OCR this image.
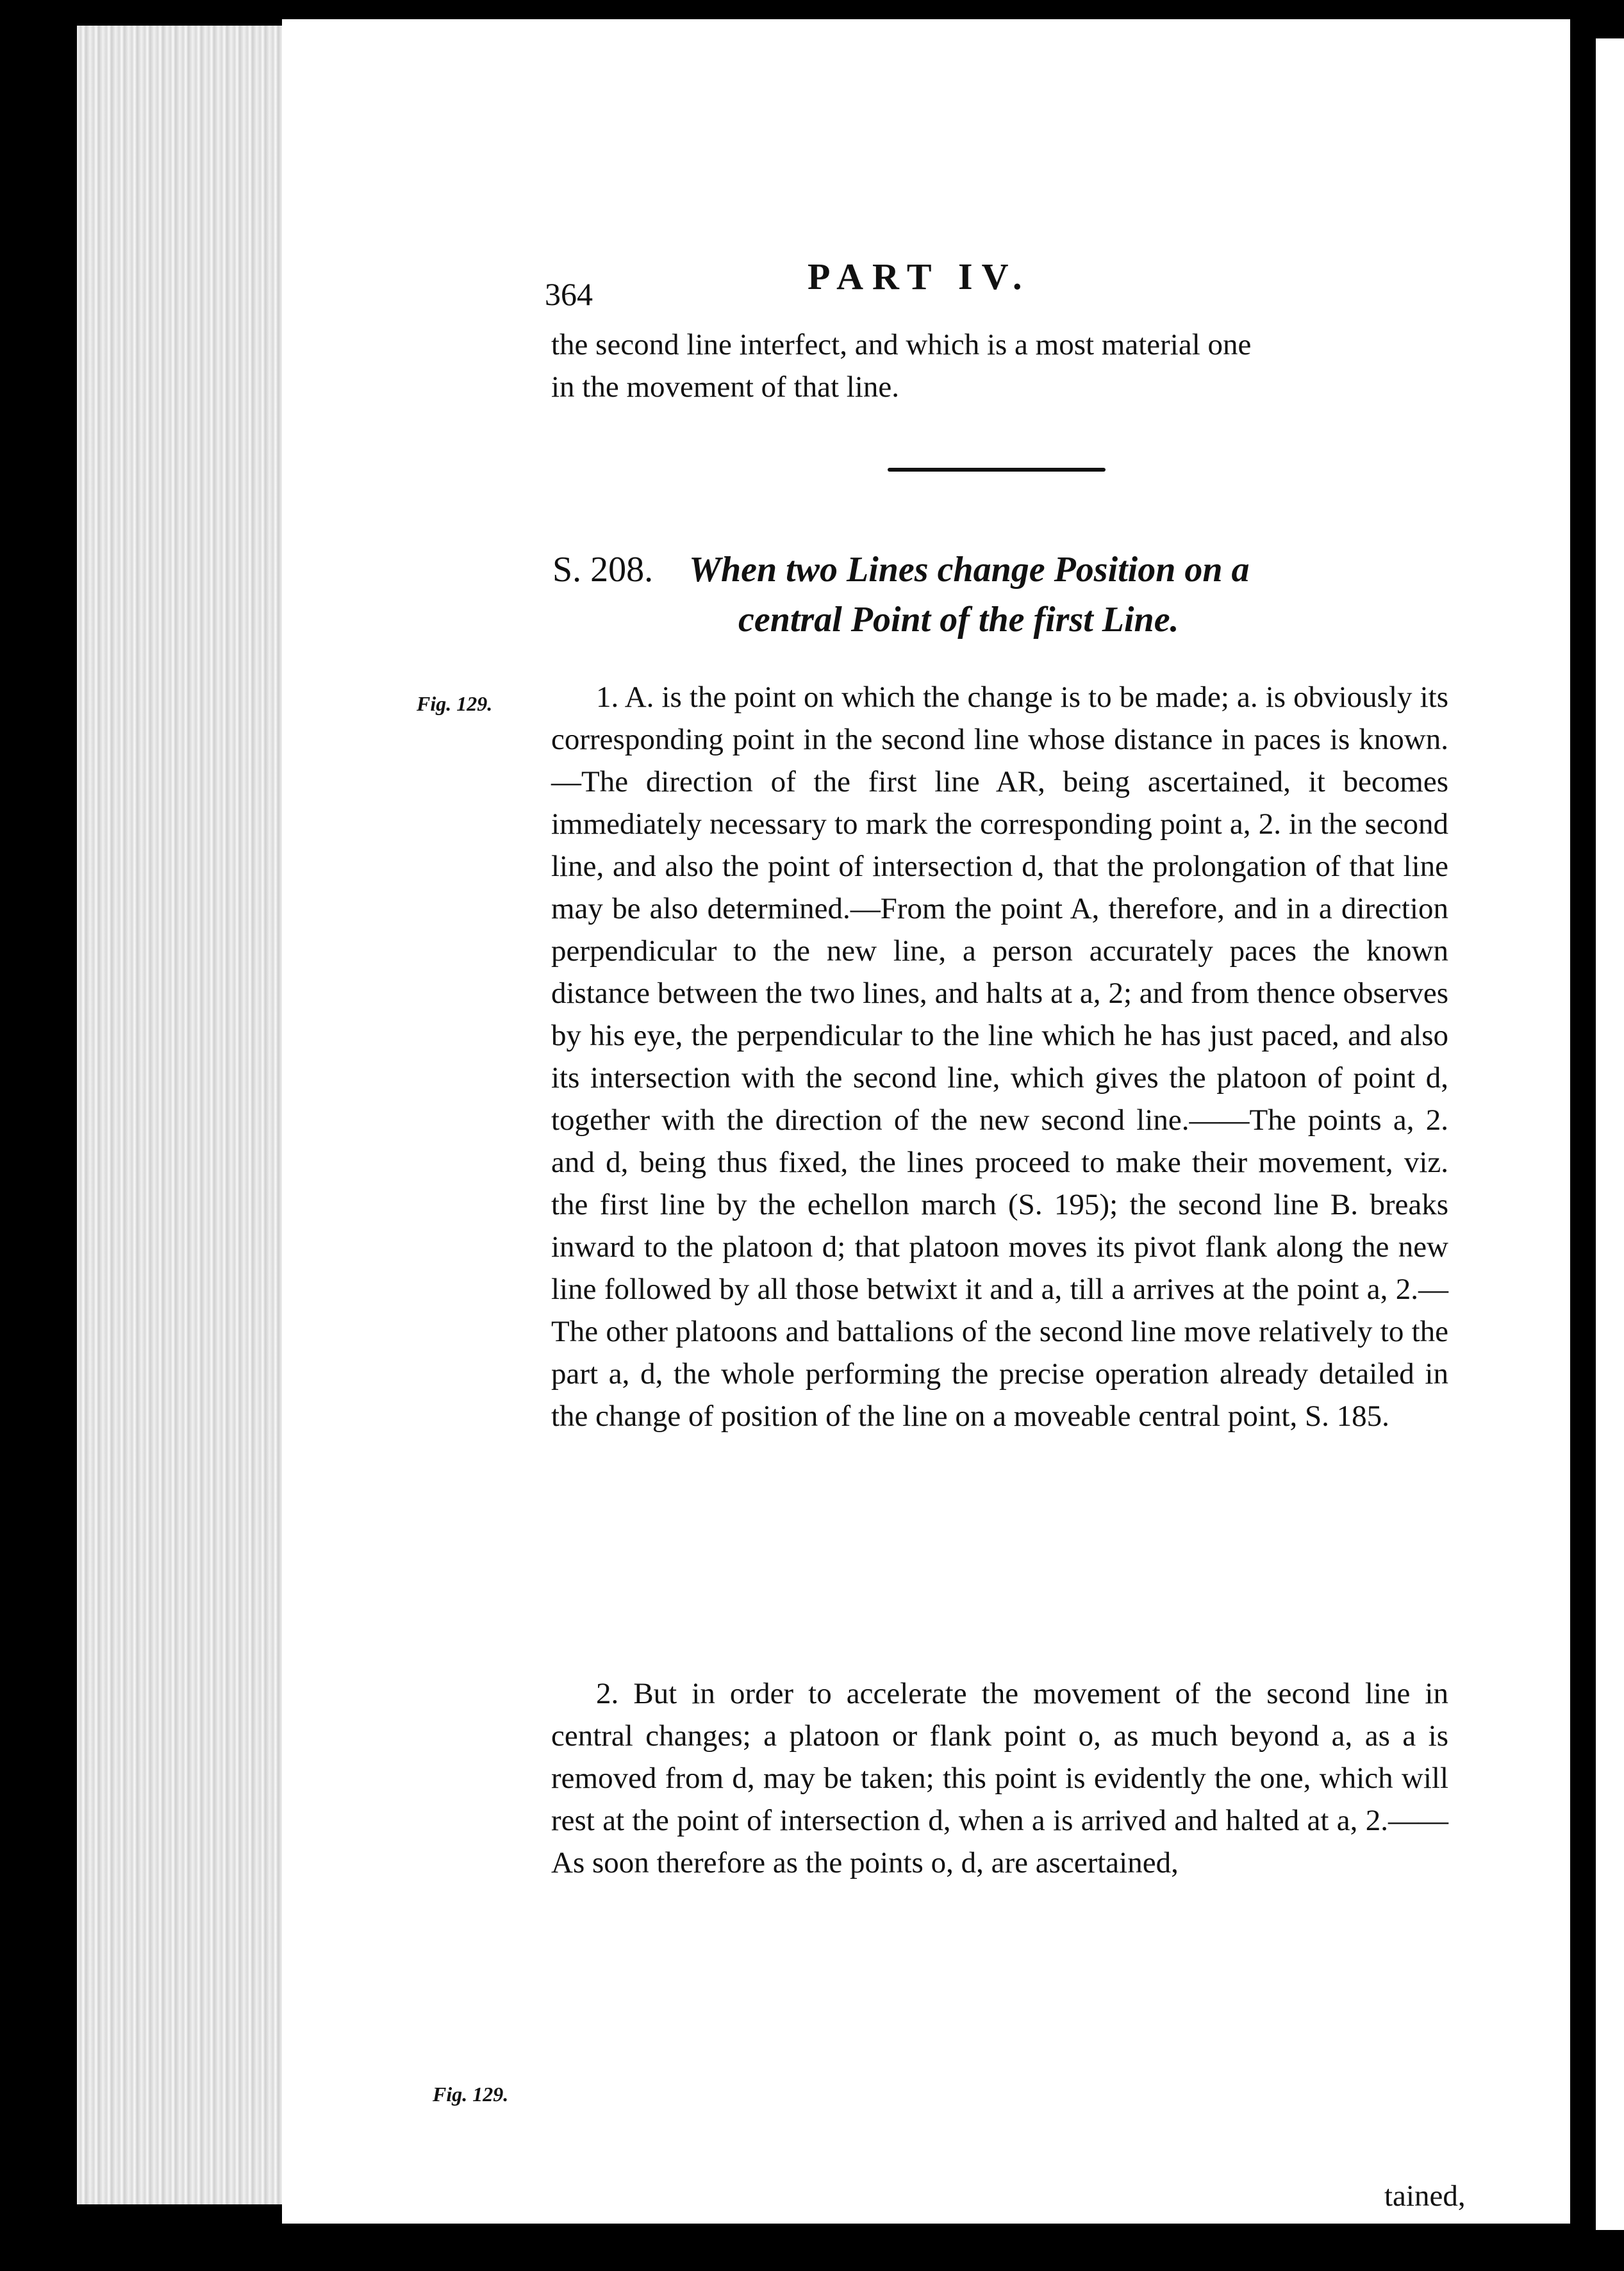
364	PART IV.
the second line interfect, and which is a most material one
in the movement of that line.
S. 208. When two Lines change Position on a
central Point of the first Line.
Fig. 129.	1. A. is the point on which the change is to be made; a. is obviously its corresponding point in the second line whose distance in paces is known.—The direction of the first line AR, being ascertained, it becomes immediately necessary to mark the corresponding point a, 2. in the second line, and also the point of intersection d, that the prolongation of that line may be also determined.—From the point A, therefore, and in a direction perpendicular to the new line, a person accurately paces the known distance between the two lines, and halts at a, 2; and from thence observes by his eye, the perpendicular to the line which he has just paced, and also its intersection with the second line, which gives the platoon of point d, together with the direction of the new second line.——The points a, 2. and d, being thus fixed, the lines proceed to make their movement, viz. the first line by the echellon march (S. 195); the second line B. breaks inward to the platoon d; that platoon moves its pivot flank along the new line followed by all those betwixt it and a, till a arrives at the point a, 2.—The other platoons and battalions of the second line move relatively to the part a, d, the whole performing the precise operation already detailed in the change of position of the line on a moveable central point, S. 185.

2. But in order to accelerate the movement of the second line in central changes; a platoon or flank point o, as much beyond a, as a is removed from d, may be taken; this point is evidently the one, which will rest at the point of intersection d, when a is arrived and halted at a, 2.——As soon therefore as the points o, d, are ascertained,

Fig. 129.
tained,
